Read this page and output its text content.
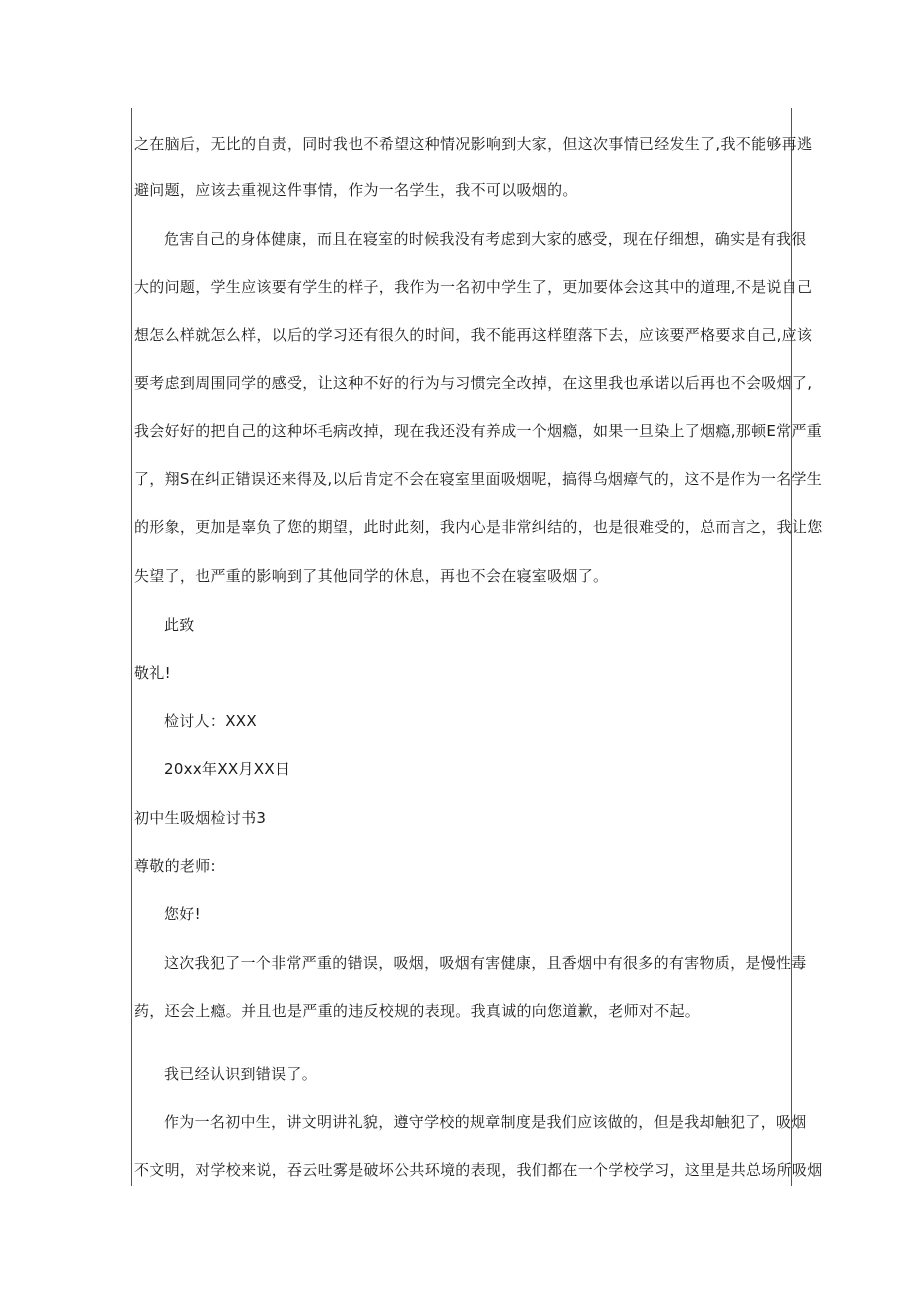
之在脑后，无比的自责，同时我也不希望这种情况影响到大家，但这次事情已经发生了,我不能够再逃
避问题，应该去重视这件事情，作为一名学生，我不可以吸烟的。
危害自己的身体健康，而且在寝室的时候我没有考虑到大家的感受，现在仔细想，确实是有我很
大的问题，学生应该要有学生的样子，我作为一名初中学生了，更加要体会这其中的道理,不是说自己
想怎么样就怎么样，以后的学习还有很久的时间，我不能再这样堕落下去，应该要严格要求自己,应该
要考虑到周围同学的感受，让这种不好的行为与习惯完全改掉，在这里我也承诺以后再也不会吸烟了,
我会好好的把自己的这种坏毛病改掉，现在我还没有养成一个烟瘾，如果一旦染上了烟瘾,那顿E常严重
了，翔S在纠正错误还来得及,以后肯定不会在寝室里面吸烟呢，搞得乌烟瘴气的，这不是作为一名学生
的形象，更加是辜负了您的期望，此时此刻，我内心是非常纠结的，也是很难受的，总而言之，我让您
失望了，也严重的影响到了其他同学的休息，再也不会在寝室吸烟了。
此致
敬礼!
检讨人：XXX
20xx年XX月XX日
初中生吸烟检讨书3
尊敬的老师:
您好!
这次我犯了一个非常严重的错误，吸烟，吸烟有害健康，且香烟中有很多的有害物质，是慢性毒
药，还会上瘾。并且也是严重的违反校规的表现。我真诚的向您道歉，老师对不起。
我已经认识到错误了。
作为一名初中生，讲文明讲礼貌，遵守学校的规章制度是我们应该做的，但是我却触犯了，吸烟
不文明，对学校来说，吞云吐雾是破坏公共环境的表现，我们都在一个学校学习，这里是共总场所吸烟
